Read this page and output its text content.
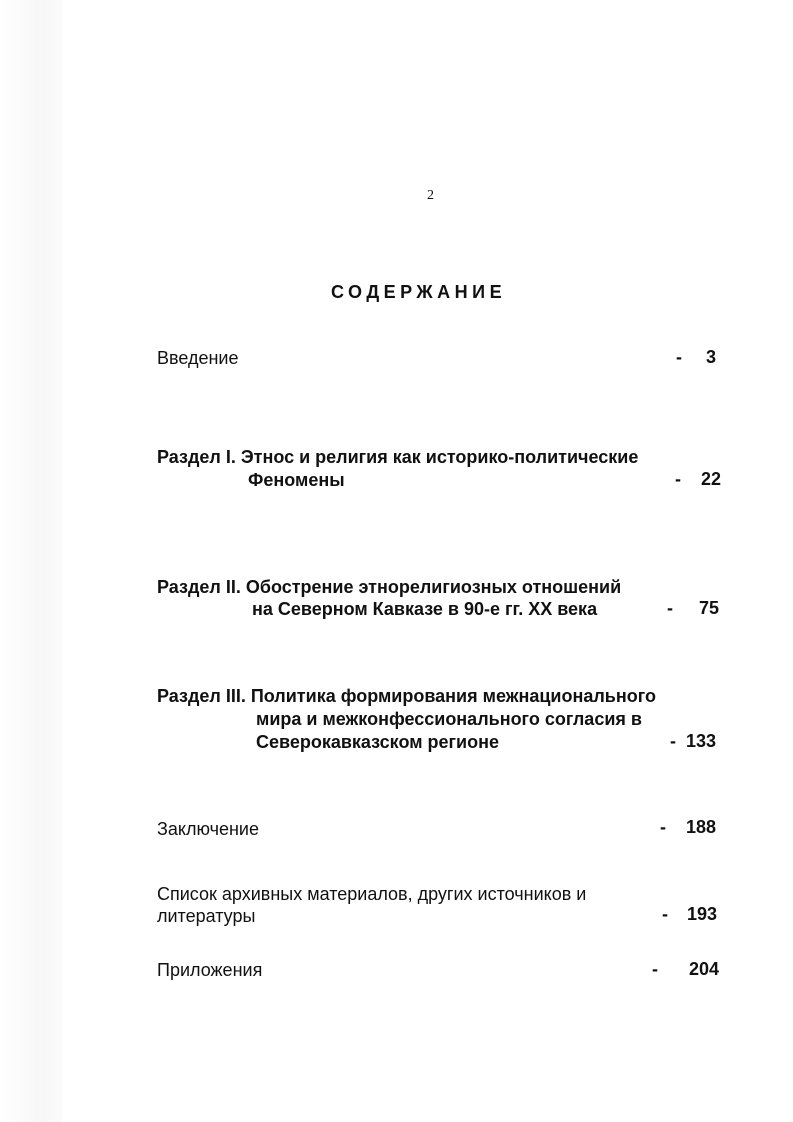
2
СОДЕРЖАНИЕ
Введение	- 3
Раздел I. Этнос и религия как историко-политические
Феномены	- 22
Раздел II. Обострение этнорелигиозных отношений
на Северном Кавказе в 90-е гг. XX века	- 75
Раздел III. Политика формирования межнационального
мира и межконфессионального согласия в
Северокавказском регионе	- 133
Заключение	- 188
Список архивных материалов, других источников и
литературы	- 193
Приложения	- 204
